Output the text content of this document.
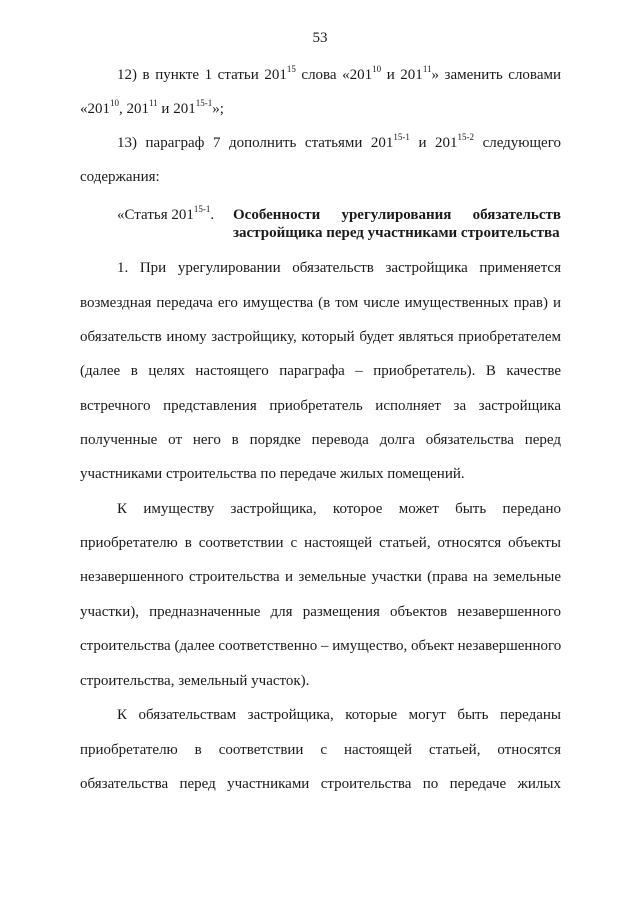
53
12) в пункте 1 статьи $201^{15}$ слова «$201^{10}$ и $201^{11}$» заменить словами
«$201^{10}$, $201^{11}$ и 201$^{15-1}$»;
13) параграф 7 дополнить статьями 201$^{15-1}$ и 201$^{15-2}$ следующего
содержания:
«Статья 201$^{15-1}$. Особенности урегулирования обязательств
застройщика перед участниками строительства
1. При урегулировании обязательств застройщика применяется
возмездная передача его имущества (в том числе имущественных прав) и
обязательств иному застройщику, который будет являться приобретателем
(далее в целях настоящего параграфа – приобретатель). В качестве
встречного представления приобретатель исполняет за застройщика
полученные от него в порядке перевода долга обязательства перед
участниками строительства по передаче жилых помещений.
К имуществу застройщика, которое может быть передано
приобретателю в соответствии с настоящей статьей, относятся объекты
незавершенного строительства и земельные участки (права на земельные
участки), предназначенные для размещения объектов незавершенного
строительства (далее соответственно – имущество, объект незавершенного
строительства, земельный участок).
К обязательствам застройщика, которые могут быть переданы
приобретателю в соответствии с настоящей статьей, относятся
обязательства перед участниками строительства по передаче жилых
